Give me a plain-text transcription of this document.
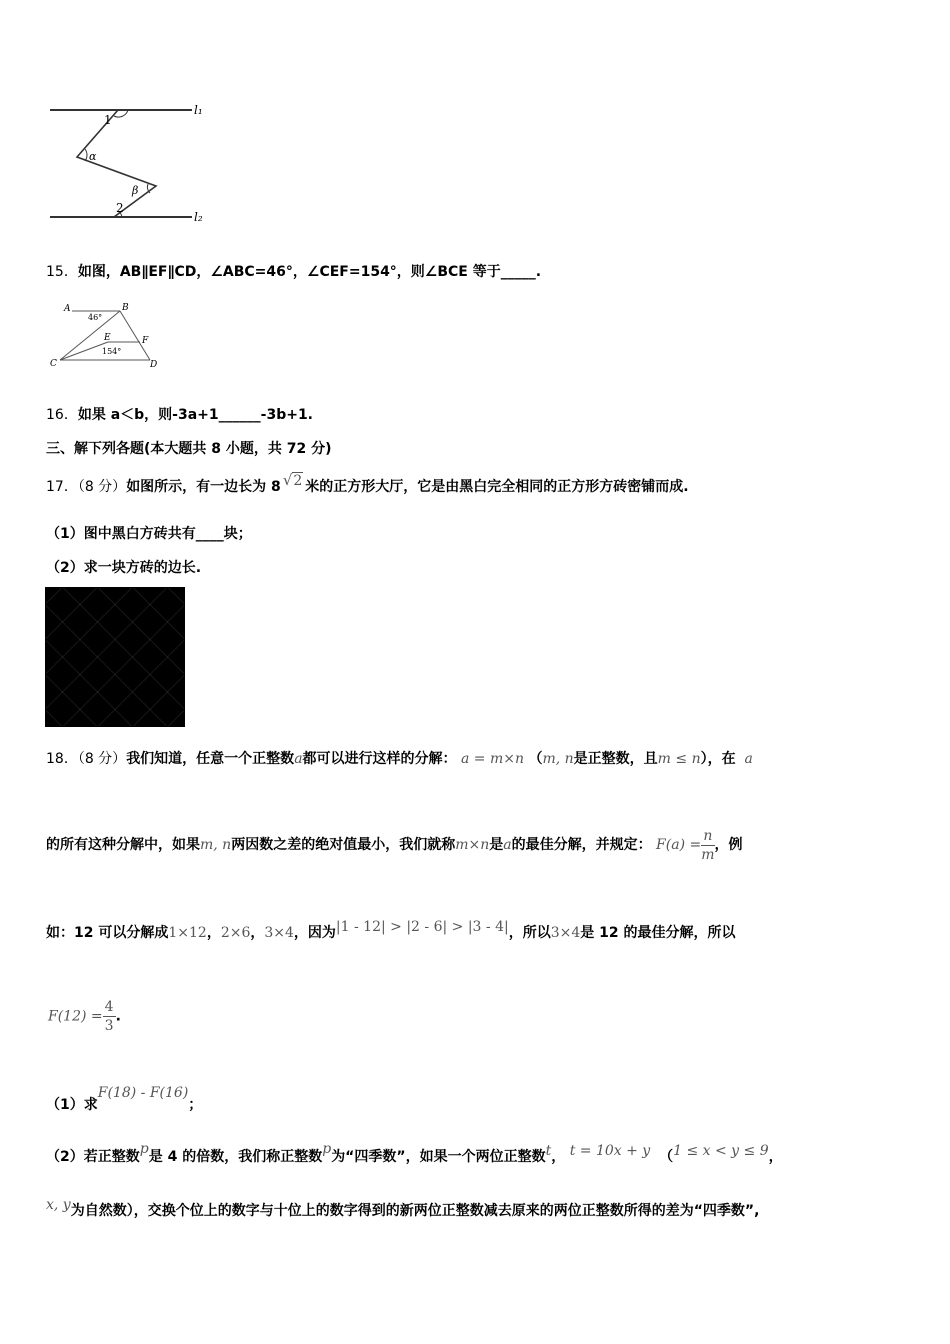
1
α
β
2
l₁
l₂
15．如图，AB∥EF∥CD，∠ABC=46°，∠CEF=154°，则∠BCE 等于_____.
A	B
E	F
C	D
46°
154°
16．如果 a＜b，则-3a+1______-3b+1.
三、解下列各题(本大题共 8 小题，共 72 分)
17．（8 分）如图所示，有一边长为 8 √2 米的正方形大厅，它是由黑白完全相同的正方形方砖密铺而成.
（1）图中黑白方砖共有____块；
（2）求一块方砖的边长.
18．（8 分）我们知道，任意一个正整数a都可以进行这样的分解： a = m×n （m, n是正整数，且m ≤ n），在 a
的所有这种分解中，如果m, n两因数之差的绝对值最小，我们就称m×n是a的最佳分解，并规定： $F(a) = \frac{n}{m}$ ，例
如：12 可以分解成1×12，2×6，3×4，因为|1 - 12| > |2 - 6| > |3 - 4|，所以3×4是 12 的最佳分解，所以
$F(12) = \frac{4}{3}$ .
（1）求F(18) - F(16)；
（2）若正整数p是 4 的倍数，我们称正整数p为“四季数”，如果一个两位正整数t， t = 10x + y （1 ≤ x < y ≤ 9，
x, y为自然数），交换个位上的数字与十位上的数字得到的新两位正整数减去原来的两位正整数所得的差为“四季数”,
